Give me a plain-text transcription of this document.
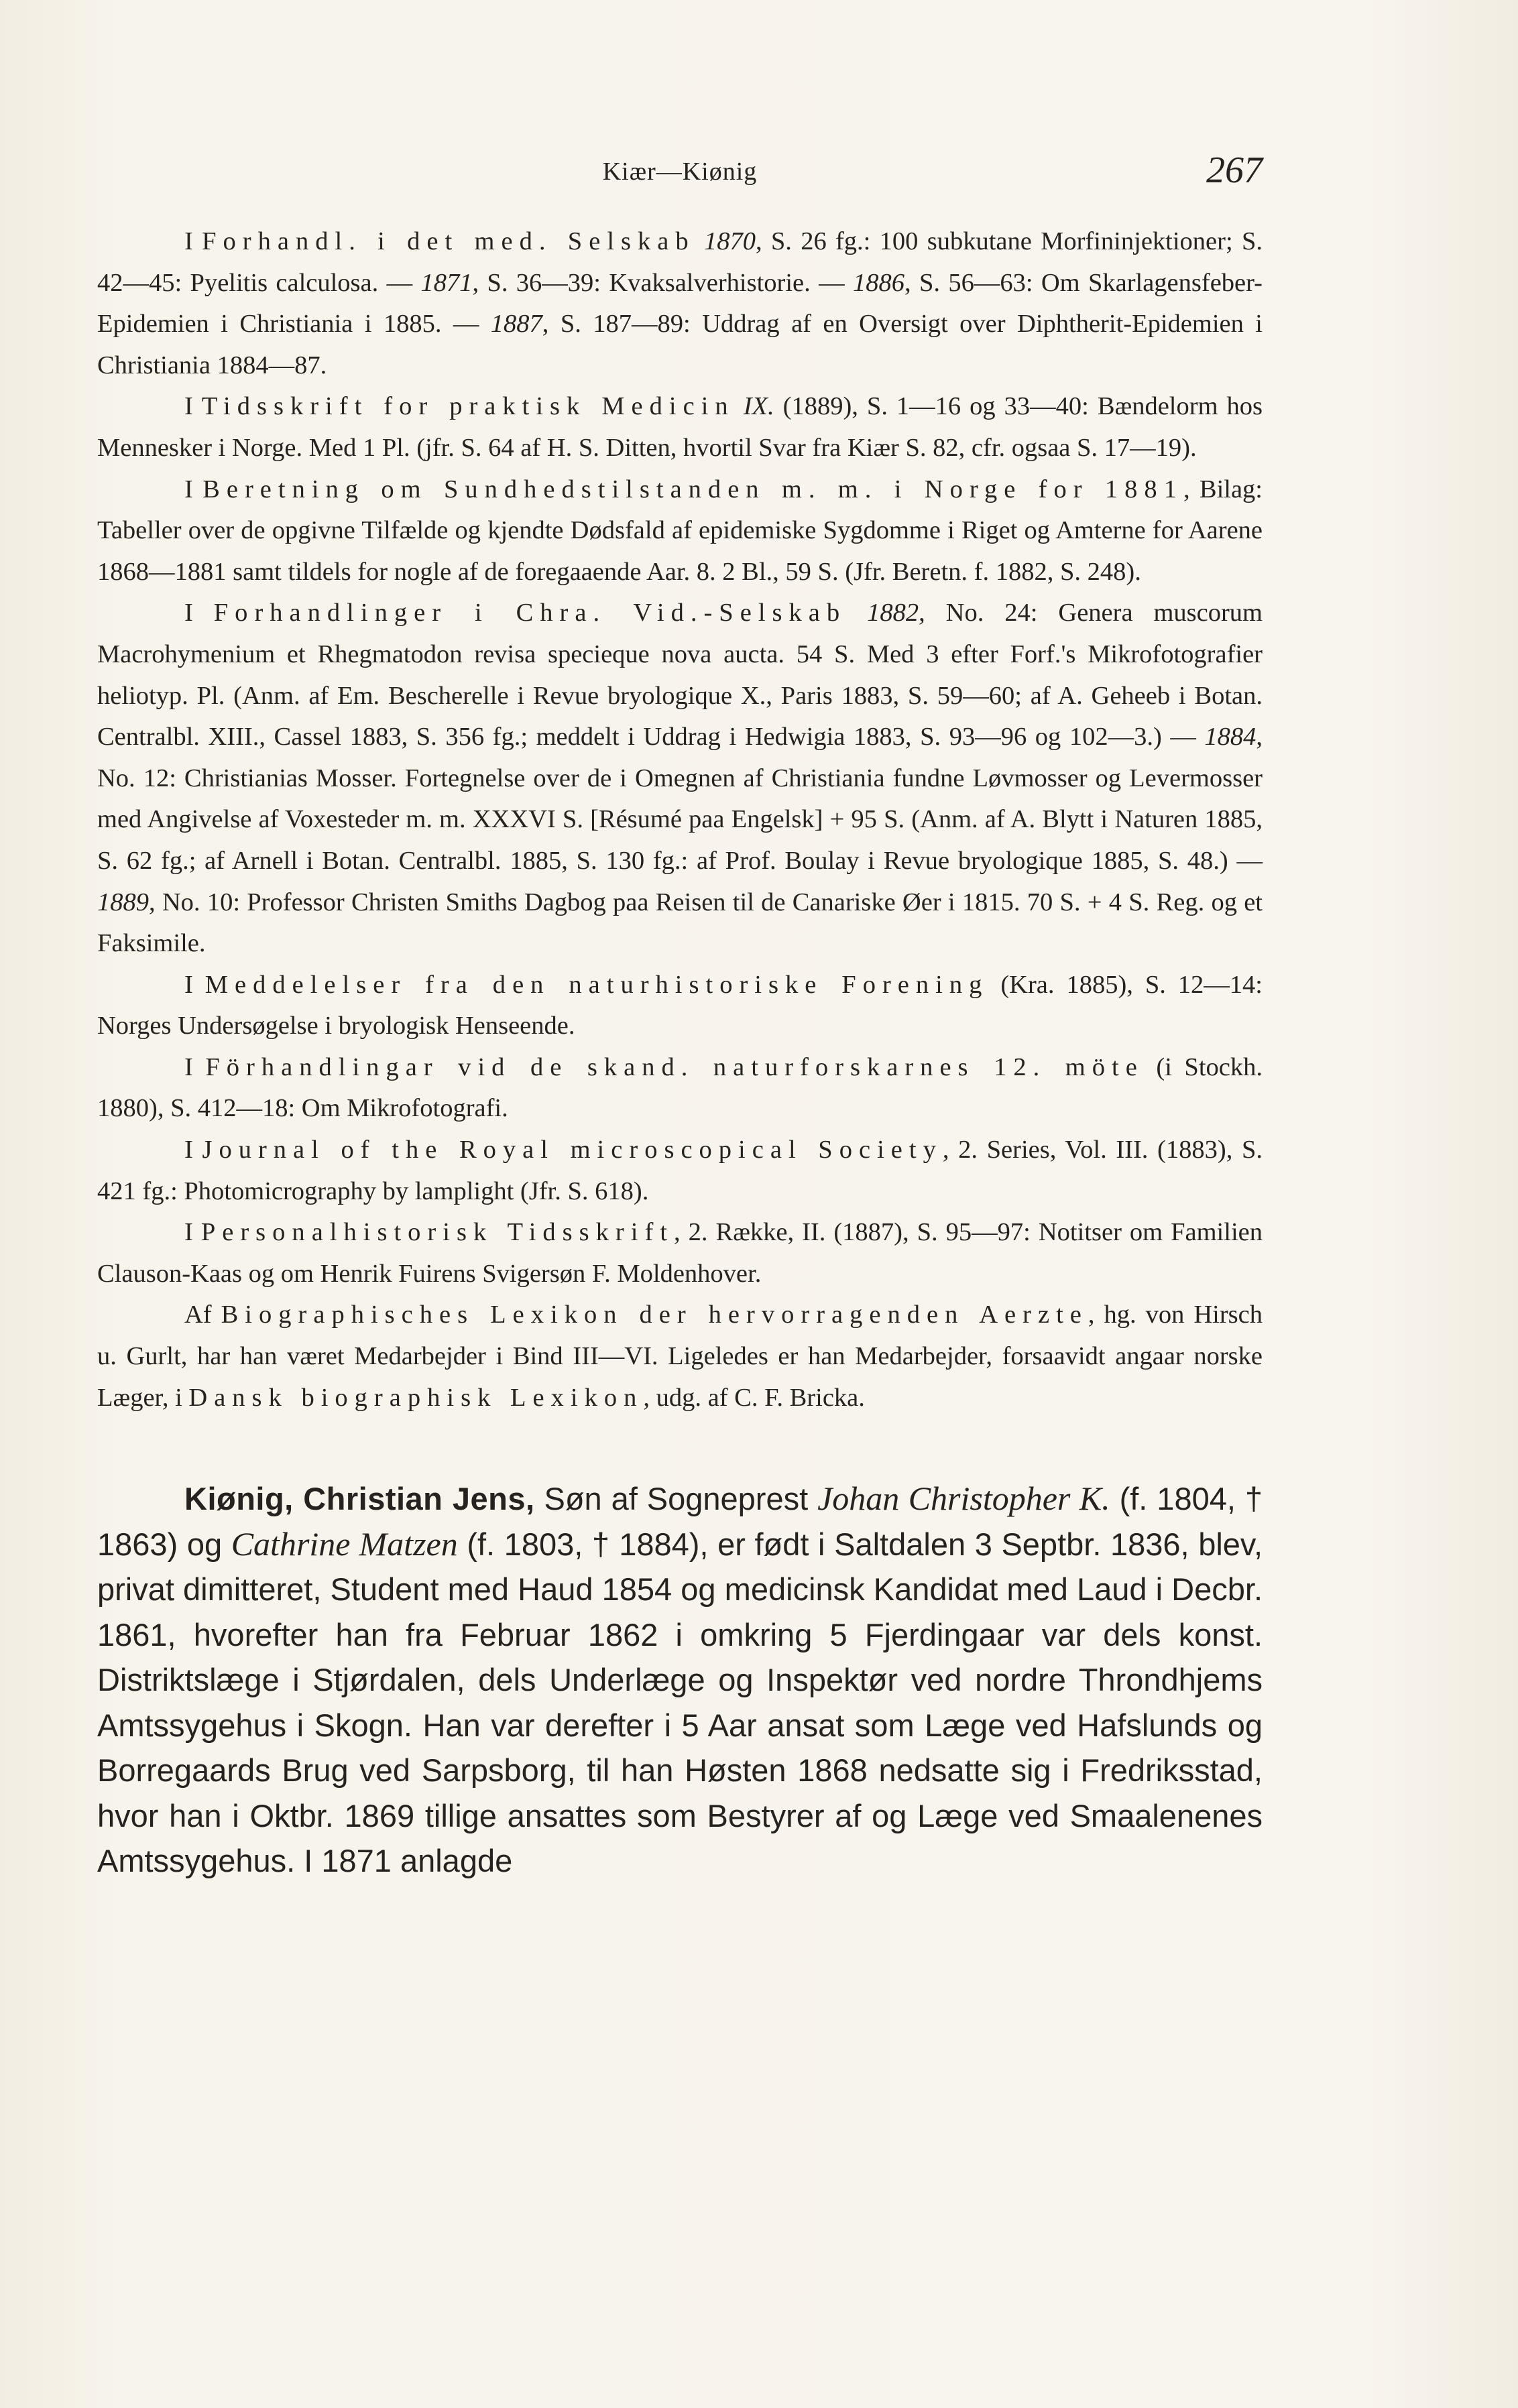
Kiær—Kiønig	267

I Forhandl. i det med. Selskab 1870, S. 26 fg.: 100 subkutane Morfininjektioner; S. 42—45: Pyelitis calculosa. — 1871, S. 36—39: Kvaksalverhistorie. — 1886, S. 56—63: Om Skarlagensfeber-Epidemien i Christiania i 1885. — 1887, S. 187—89: Uddrag af en Oversigt over Diphtherit-Epidemien i Christiania 1884—87.

I Tidsskrift for praktisk Medicin IX. (1889), S. 1—16 og 33—40: Bændelorm hos Mennesker i Norge. Med 1 Pl. (jfr. S. 64 af H. S. Ditten, hvortil Svar fra Kiær S. 82, cfr. ogsaa S. 17—19).

I Beretning om Sundhedstilstanden m. m. i Norge for 1881, Bilag: Tabeller over de opgivne Tilfælde og kjendte Dødsfald af epidemiske Sygdomme i Riget og Amterne for Aarene 1868—1881 samt tildels for nogle af de foregaaende Aar. 8. 2 Bl., 59 S. (Jfr. Beretn. f. 1882, S. 248).

I Forhandlinger i Chra. Vid.-Selskab 1882, No. 24: Genera muscorum Macrohymenium et Rhegmatodon revisa specieque nova aucta. 54 S. Med 3 efter Forf.'s Mikrofotografier heliotyp. Pl. (Anm. af Em. Bescherelle i Revue bryologique X., Paris 1883, S. 59—60; af A. Geheeb i Botan. Centralbl. XIII., Cassel 1883, S. 356 fg.; meddelt i Uddrag i Hedwigia 1883, S. 93—96 og 102—3.) — 1884, No. 12: Christianias Mosser. Fortegnelse over de i Omegnen af Christiania fundne Løvmosser og Levermosser med Angivelse af Voxesteder m. m. XXXVI S. [Résumé paa Engelsk] + 95 S. (Anm. af A. Blytt i Naturen 1885, S. 62 fg.; af Arnell i Botan. Centralbl. 1885, S. 130 fg.: af Prof. Boulay i Revue bryologique 1885, S. 48.) — 1889, No. 10: Professor Christen Smiths Dagbog paa Reisen til de Canariske Øer i 1815. 70 S. + 4 S. Reg. og et Faksimile.

I Meddelelser fra den naturhistoriske Forening (Kra. 1885), S. 12—14: Norges Undersøgelse i bryologisk Henseende.

I Förhandlingar vid de skand. naturforskarnes 12. möte (i Stockh. 1880), S. 412—18: Om Mikrofotografi.

I Journal of the Royal microscopical Society, 2. Series, Vol. III. (1883), S. 421 fg.: Photomicrography by lamplight (Jfr. S. 618).

I Personalhistorisk Tidsskrift, 2. Række, II. (1887), S. 95—97: Notitser om Familien Clauson-Kaas og om Henrik Fuirens Svigersøn F. Moldenhover.

Af Biographisches Lexikon der hervorragenden Aerzte, hg. von Hirsch u. Gurlt, har han været Medarbejder i Bind III—VI. Ligeledes er han Medarbejder, forsaavidt angaar norske Læger, i Dansk biographisk Lexikon, udg. af C. F. Bricka.

Kiønig, Christian Jens, Søn af Sogneprest Johan Christopher K. (f. 1804, † 1863) og Cathrine Matzen (f. 1803, † 1884), er født i Saltdalen 3 Septbr. 1836, blev, privat dimitteret, Student med Haud 1854 og medicinsk Kandidat med Laud i Decbr. 1861, hvorefter han fra Februar 1862 i omkring 5 Fjerdingaar var dels konst. Distriktslæge i Stjørdalen, dels Underlæge og Inspektør ved nordre Throndhjems Amtssygehus i Skogn. Han var derefter i 5 Aar ansat som Læge ved Hafslunds og Borregaards Brug ved Sarpsborg, til han Høsten 1868 nedsatte sig i Fredriksstad, hvor han i Oktbr. 1869 tillige ansattes som Bestyrer af og Læge ved Smaalenenes Amtssygehus. I 1871 anlagde
